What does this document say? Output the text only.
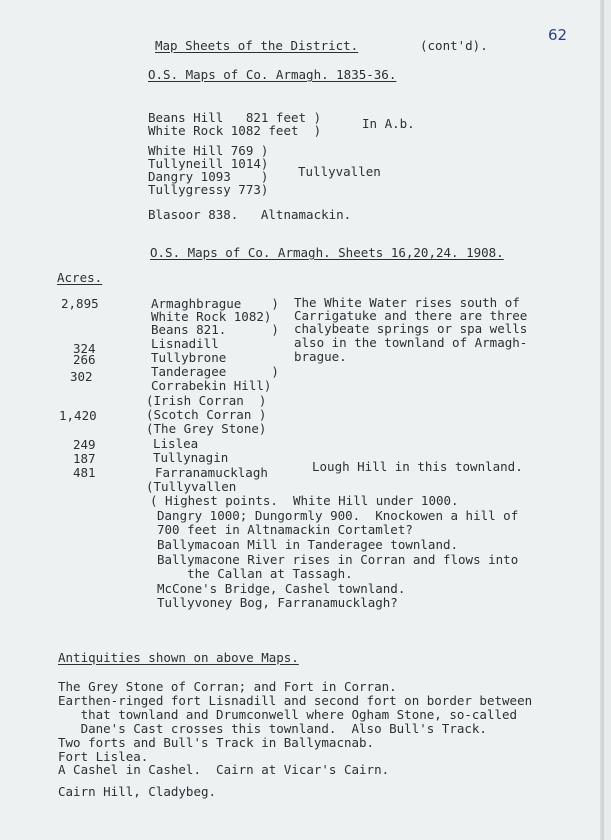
62
Map Sheets of the District.	(cont'd).
O.S. Maps of Co. Armagh. 1835-36.
Beans Hill   821 feet )
White Rock 1082 feet  )	In A.b.
White Hill 769 )
Tullyneill 1014)
Dangry 1093    )
Tullygressy 773)
Tullyvallen
Blasoor 838.   Altnamackin.
O.S. Maps of Co. Armagh. Sheets 16,20,24. 1908.
Acres.
2,895
324
266
302
1,420
249
187
481
Armaghbrague    )
White Rock 1082)
Beans 821.      )
Lisnadill
Tullybrone
Tanderagee      )
Corrabekin Hill)
(Irish Corran  )
(Scotch Corran )
(The Grey Stone)
Lislea
Tullynagin
Farranamucklagh
(Tullyvallen
The White Water rises south of
Carrigatuke and there are three
chalybeate springs or spa wells
also in the townland of Armagh-
brague.
Lough Hill in this townland.
( Highest points.  White Hill under 1000.
Dangry 1000; Dungormly 900.  Knockowen a hill of
700 feet in Altnamackin Cortamlet?
Ballymacoan Mill in Tanderagee townland.
Ballymacone River rises in Corran and flows into
the Callan at Tassagh.
McCone's Bridge, Cashel townland.
Tullyvoney Bog, Farranamucklagh?
Antiquities shown on above Maps.
The Grey Stone of Corran; and Fort in Corran.
Earthen-ringed fort Lisnadill and second fort on border between
that townland and Drumconwell where Ogham Stone, so-called
Dane's Cast crosses this townland.  Also Bull's Track.
Two forts and Bull's Track in Ballymacnab.
Fort Lislea.
A Cashel in Cashel.  Cairn at Vicar's Cairn.
Cairn Hill, Cladybeg.
